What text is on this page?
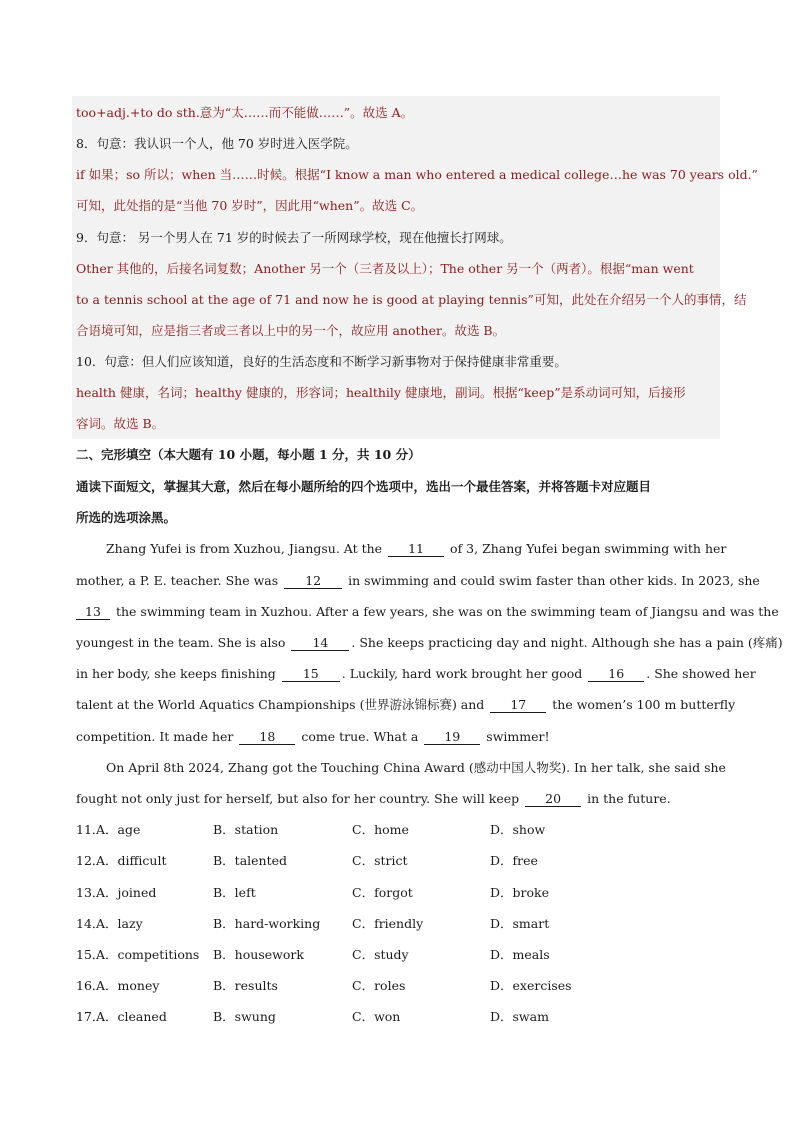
too+adj.+to do sth.意为“太……而不能做……”。故选 A。
8．句意：我认识一个人，他 70 岁时进入医学院。
if 如果；so 所以；when 当……时候。根据“I know a man who entered a medical college…he was 70 years old.”
可知，此处指的是“当他 70 岁时”，因此用“when”。故选 C。
9．句意： 另一个男人在 71 岁的时候去了一所网球学校，现在他擅长打网球。
Other 其他的，后接名词复数；Another 另一个（三者及以上）；The other 另一个（两者）。根据“man went
to a tennis school at the age of 71 and now he is good at playing tennis”可知，此处在介绍另一个人的事情，结
合语境可知，应是指三者或三者以上中的另一个，故应用 another。故选 B。
10．句意：但人们应该知道，良好的生活态度和不断学习新事物对于保持健康非常重要。
health 健康，名词；healthy 健康的，形容词；healthily 健康地，副词。根据“keep”是系动词可知，后接形
容词。故选 B。
二、完形填空（本大题有 10 小题，每小题 1 分，共 10 分）
通读下面短文，掌握其大意，然后在每小题所给的四个选项中，选出一个最佳答案，并将答题卡对应题目
所选的选项涂黑。
Zhang Yufei is from Xuzhou, Jiangsu. At the 11 of 3, Zhang Yufei began swimming with her
mother, a P. E. teacher. She was 12 in swimming and could swim faster than other kids. In 2023, she
13 the swimming team in Xuzhou. After a few years, she was on the swimming team of Jiangsu and was the
youngest in the team. She is also 14 . She keeps practicing day and night. Although she has a pain (疼痛)
in her body, she keeps finishing 15 . Luckily, hard work brought her good 16 . She showed her
talent at the World Aquatics Championships (世界游泳锦标赛) and 17 the women’s 100 m butterfly
competition. It made her 18 come true. What a 19 swimmer!
On April 8th 2024, Zhang got the Touching China Award (感动中国人物奖). In her talk, she said she
fought not only just for herself, but also for her country. She will keep 20 in the future.
11．
A．age	B．station	C．home	D．show
12．
A．difficult	B．talented	C．strict	D．free
13．
A．joined	B．left	C．forgot	D．broke
14．
A．lazy	B．hard-working	C．friendly	D．smart
15．
A．competitions B．housework	C．study	D．meals
16．
A．money	B．results	C．roles	D．exercises
17．
A．cleaned	B．swung	C．won	D．swam
